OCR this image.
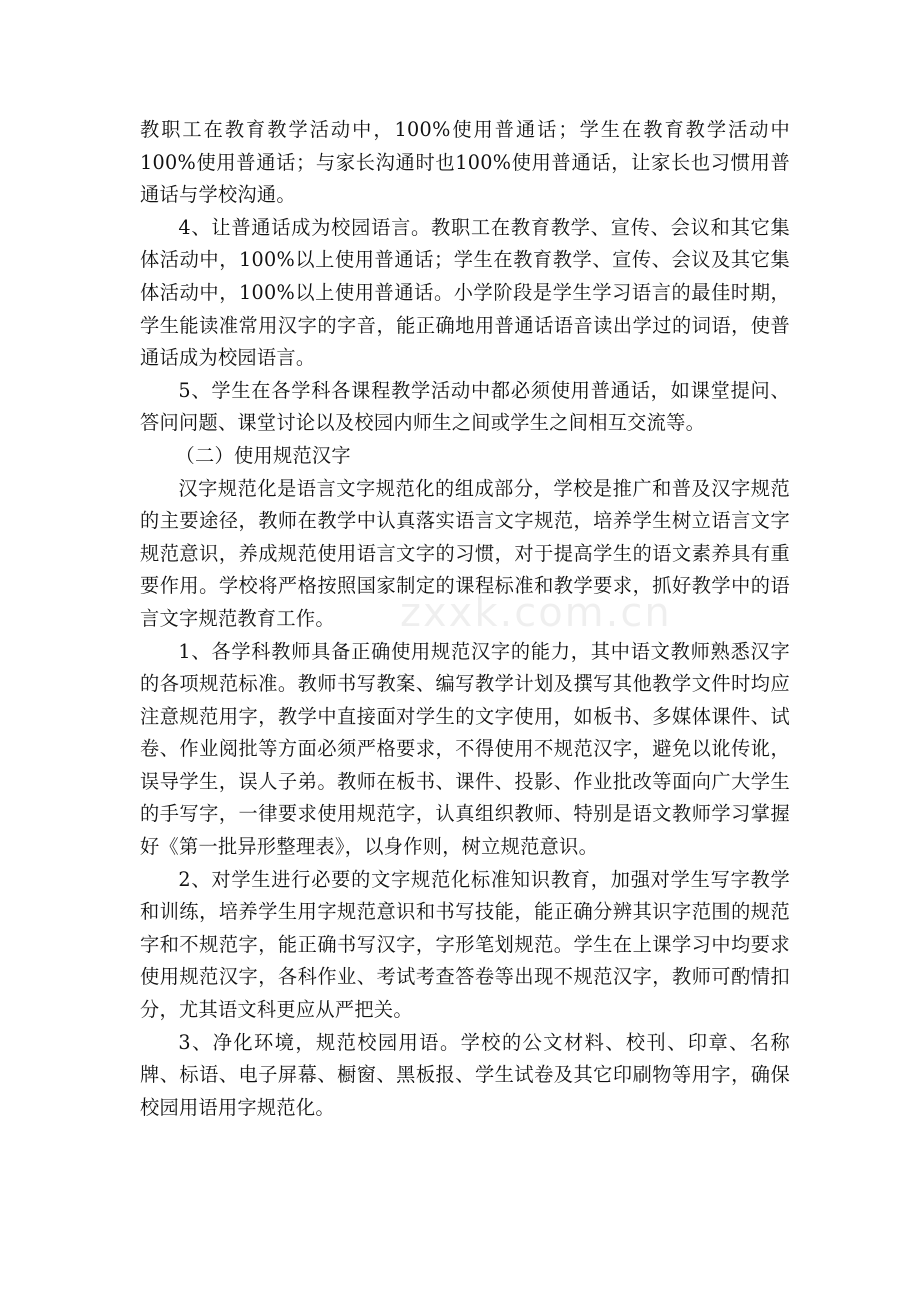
教职工在教育教学活动中，100%使用普通话；学生在教育教学活动中100%使用普通话；与家长沟通时也100%使用普通话，让家长也习惯用普通话与学校沟通。

4、让普通话成为校园语言。教职工在教育教学、宣传、会议和其它集体活动中，100%以上使用普通话；学生在教育教学、宣传、会议及其它集体活动中，100%以上使用普通话。小学阶段是学生学习语言的最佳时期，学生能读准常用汉字的字音，能正确地用普通话语音读出学过的词语，使普通话成为校园语言。

5、学生在各学科各课程教学活动中都必须使用普通话，如课堂提问、答问问题、课堂讨论以及校园内师生之间或学生之间相互交流等。

（二）使用规范汉字

汉字规范化是语言文字规范化的组成部分，学校是推广和普及汉字规范的主要途径，教师在教学中认真落实语言文字规范，培养学生树立语言文字规范意识，养成规范使用语言文字的习惯，对于提高学生的语文素养具有重要作用。学校将严格按照国家制定的课程标准和教学要求，抓好教学中的语言文字规范教育工作。

1、各学科教师具备正确使用规范汉字的能力，其中语文教师熟悉汉字的各项规范标准。教师书写教案、编写教学计划及撰写其他教学文件时均应注意规范用字，教学中直接面对学生的文字使用，如板书、多媒体课件、试卷、作业阅批等方面必须严格要求，不得使用不规范汉字，避免以讹传讹，误导学生，误人子弟。教师在板书、课件、投影、作业批改等面向广大学生的手写字，一律要求使用规范字，认真组织教师、特别是语文教师学习掌握好《第一批异形整理表》，以身作则，树立规范意识。

2、对学生进行必要的文字规范化标准知识教育，加强对学生写字教学和训练，培养学生用字规范意识和书写技能，能正确分辨其识字范围的规范字和不规范字，能正确书写汉字，字形笔划规范。学生在上课学习中均要求使用规范汉字，各科作业、考试考查答卷等出现不规范汉字，教师可酌情扣分，尤其语文科更应从严把关。

3、净化环境，规范校园用语。学校的公文材料、校刊、印章、名称牌、标语、电子屏幕、橱窗、黑板报、学生试卷及其它印刷物等用字，确保校园用语用字规范化。

zxxk.com.cn
